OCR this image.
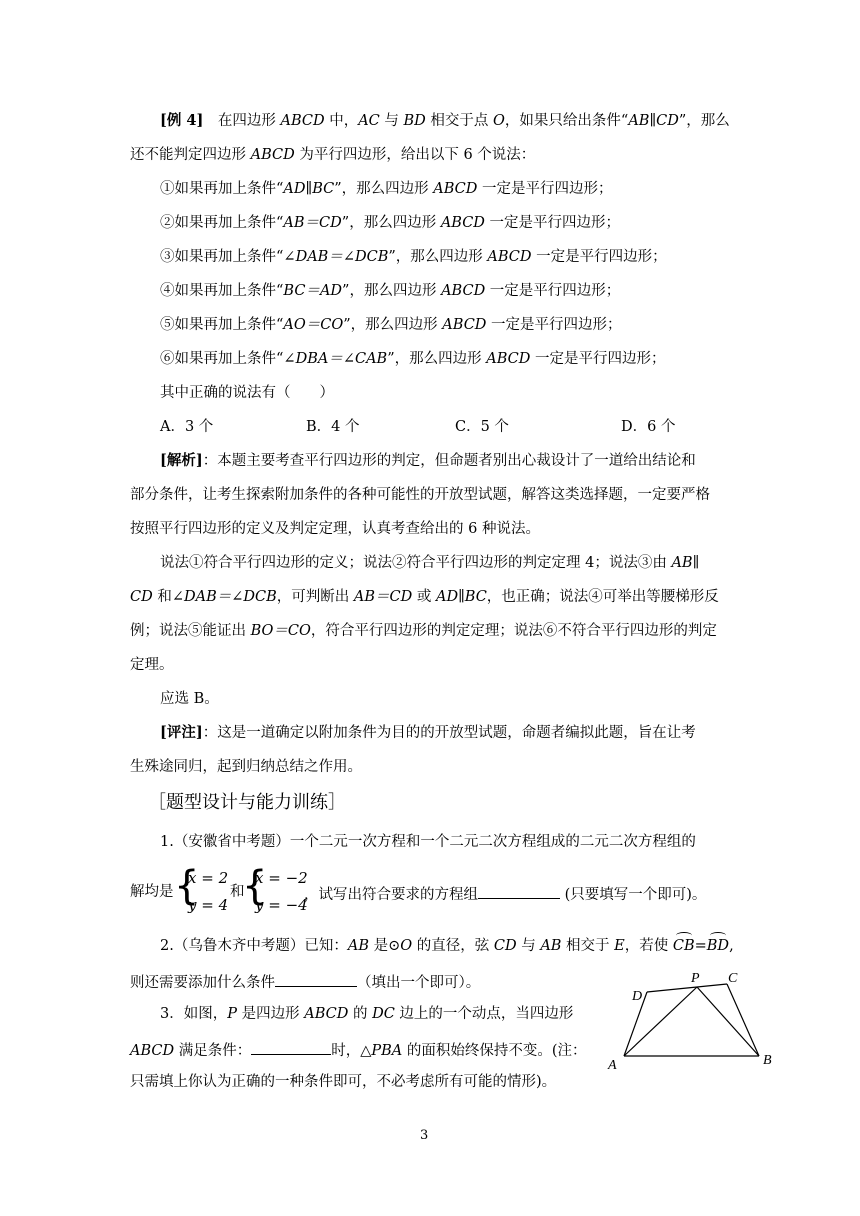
[例 4]　 在四边形 ABCD 中，AC 与 BD 相交于点 O，如果只给出条件“AB∥CD”，那么
还不能判定四边形 ABCD 为平行四边形，给出以下 6 个说法：
①如果再加上条件“AD∥BC”，那么四边形 ABCD 一定是平行四边形；
②如果再加上条件“AB＝CD”，那么四边形 ABCD 一定是平行四边形；
③如果再加上条件“∠DAB＝∠DCB”，那么四边形 ABCD 一定是平行四边形；
④如果再加上条件“BC＝AD”，那么四边形 ABCD 一定是平行四边形；
⑤如果再加上条件“AO＝CO”，那么四边形 ABCD 一定是平行四边形；
⑥如果再加上条件“∠DBA＝∠CAB”，那么四边形 ABCD 一定是平行四边形；
其中正确的说法有（　　）
A．3 个	B．4 个	C．5 个	D．6 个
[解析]：本题主要考查平行四边形的判定，但命题者别出心裁设计了一道给出结论和
部分条件，让考生探索附加条件的各种可能性的开放型试题，解答这类选择题，一定要严格
按照平行四边形的定义及判定定理，认真考查给出的 6 种说法。
说法①符合平行四边形的定义；说法②符合平行四边形的判定定理 4；说法③由 AB∥
CD 和∠DAB＝∠DCB，可判断出 AB＝CD 或 AD∥BC，也正确；说法④可举出等腰梯形反
例；说法⑤能证出 BO＝CO，符合平行四边形的判定定理；说法⑥不符合平行四边形的判定
定理。
应选 B。
[评注]：这是一道确定以附加条件为目的的开放型试题，命题者编拟此题，旨在让考
生殊途同归，起到归纳总结之作用。
［题型设计与能力训练］
1.（安徽省中考题）一个二元一次方程和一个二元二次方程组成的二元二次方程组的
解均是 {
x = 2
y = 4
和
{
x = −2
y = −4
，试写出符合要求的方程组	(只要填写一个即可)。
2.（乌鲁木齐中考题）已知：AB 是⊙O 的直径，弦 CD 与 AB 相交于 E，若使 CB=BD,
则还需要添加什么条件	（填出一个即可）。
3．如图，P 是四边形 ABCD 的 DC 边上的一个动点，当四边形
ABCD 满足条件：	时，△PBA 的面积始终保持不变。(注：
只需填上你认为正确的一种条件即可，不必考虑所有可能的情形)。
P C
D
A	B
3
